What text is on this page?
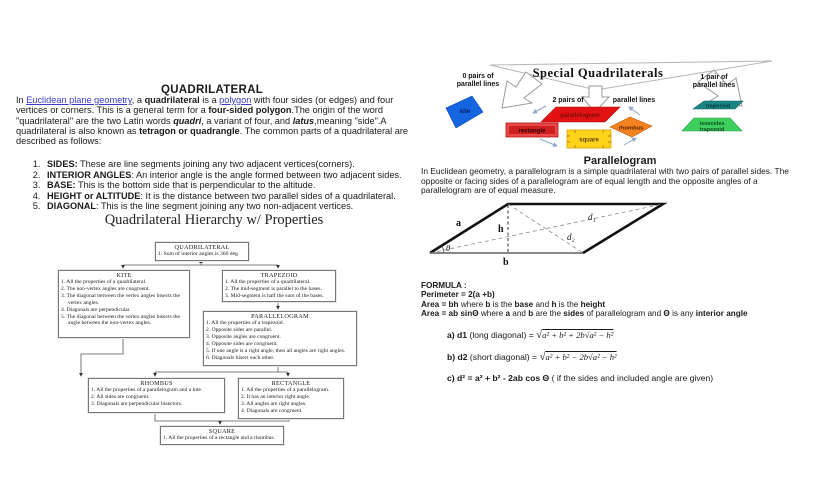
QUADRILATERAL

In Euclidean plane geometry, a quadrilateral is a polygon with four sides (or edges) and four vertices or corners. This is a general term for a four-sided polygon.The origin of the word "quadrilateral" are the two Latin words quadri, a variant of four, and latus,meaning "side".A quadrilateral is also known as tetragon or quadrangle. The common parts of a quadrilateral are described as follows:

1. SIDES: These are line segments joining any two adjacent vertices(corners).
2. INTERIOR ANGLES: An interior angle is the angle formed between two adjacent sides.
3. BASE: This is the bottom side that is perpendicular to the altitude.
4. HEIGHT or ALTITUDE: It is the distance between two parallel sides of a quadrilateral.
5. DIAGONAL: This is the line segment joining any two non-adjacent vertices.
Quadrilateral Hierarchy w/ Properties
QUADRILATERAL
1. Sum of interior angles is 360 deg.
KITE
1. All the properties of a quadrilateral.
2. The non-vertex angles are congruent.
3. The diagonal between the vertex angles bisects the vertex angles.
4. Diagonals are perpendicular.
5. The diagonal between the vertex angles bisects the angle between the non-vertex angles.
TRAPEZOID
1. All the properties of a quadrilateral.
2. The mid-segment is parallel to the bases.
3. Mid-segment is half the sum of the bases.
PARALLELOGRAM
1. All the properties of a trapezoid.
2. Opposite sides are parallel.
3. Opposite angles are congruent.
4. Opposite sides are congruent.
5. If one angle is a right angle, then all angles are right angles.
6. Diagonals bisect each other.
RHOMBUS
1. All the properties of a parallelogram and a kite.
2. All sides are congruent.
3. Diagonals are perpendicular bisectors.
RECTANGLE
1. All the properties of a parallelogram.
2. It has an interior right angle.
3. All angles are right angles.
4. Diagonals are congruent.
SQUARE
1. All the properties of a rectangle and a rhombus.
Special Quadrilaterals
0 pairs of
parallel lines
1 pair of
parallel lines
2 pairs of	parallel lines
kite
parallelogram
rectangle
square
rhombus
trapezoid
isosceles
trapezoid
Parallelogram

In Euclidean geometry, a parallelogram is a simple quadrilateral with two pairs of parallel sides. The opposite or facing sides of a parallelogram are of equal length and the opposite angles of a parallelogram are of equal measure.

a
h
b
θ
d₁
d₂
FORMULA :
Perimeter = 2(a +b)
Area = bh where b is the base and h is the height
Area = ab sinΘ where a and b are the sides of parallelogram and Θ is any interior angle
a) d1 (long diagonal) = √a² + b² + 2b√a² − h²
b) d2 (short diagonal) = √a² + b² − 2b√a² − h²
c) d² = a² + b² - 2ab cos Θ ( if the sides and included angle are given)
